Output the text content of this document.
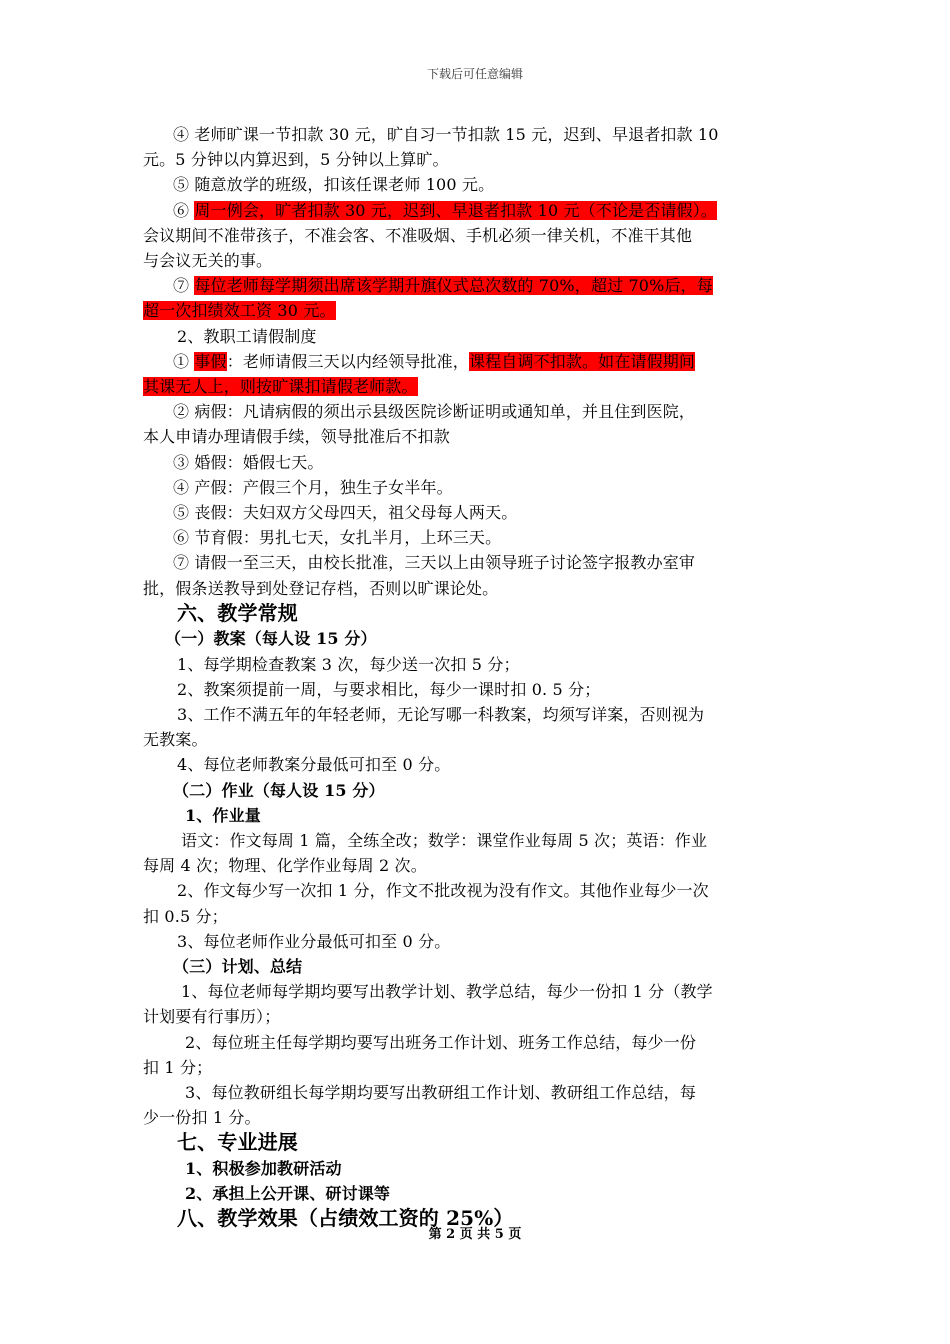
下载后可任意编辑

④ 老师旷课一节扣款 30 元，旷自习一节扣款 15 元，迟到、早退者扣款 10

元。5 分钟以内算迟到，5 分钟以上算旷。

⑤ 随意放学的班级，扣该任课老师 100 元。

⑥ 周一例会，旷者扣款 30 元，迟到、早退者扣款 10 元（不论是否请假）。

会议期间不准带孩子，不准会客、不准吸烟、手机必须一律关机，不准干其他

与会议无关的事。

⑦ 每位老师每学期须出席该学期升旗仪式总次数的 70%，超过 70%后，每

超一次扣绩效工资 30 元。

2、教职工请假制度

① 事假：老师请假三天以内经领导批准，课程自调不扣款。如在请假期间

其课无人上，则按旷课扣请假老师款。

② 病假：凡请病假的须出示县级医院诊断证明或通知单，并且住到医院，

本人申请办理请假手续，领导批准后不扣款

③ 婚假：婚假七天。

④ 产假：产假三个月，独生子女半年。

⑤ 丧假：夫妇双方父母四天，祖父母每人两天。

⑥ 节育假：男扎七天，女扎半月，上环三天。

⑦ 请假一至三天，由校长批准，三天以上由领导班子讨论签字报教办室审

批，假条送教导到处登记存档，否则以旷课论处。

六、教学常规

（一）教案（每人设 15 分）

1、每学期检查教案 3 次，每少送一次扣 5 分；

2、教案须提前一周，与要求相比，每少一课时扣 0. 5 分；

3、工作不满五年的年轻老师，无论写哪一科教案，均须写详案，否则视为

无教案。

4、每位老师教案分最低可扣至 0 分。

（二）作业（每人设 15 分）

1、作业量

语文：作文每周 1 篇，全练全改；数学：课堂作业每周 5 次；英语：作业

每周 4 次；物理、化学作业每周 2 次。

2、作文每少写一次扣 1 分，作文不批改视为没有作文。其他作业每少一次

扣 0.5 分；

3、每位老师作业分最低可扣至 0 分。

（三）计划、总结

1、每位老师每学期均要写出教学计划、教学总结，每少一份扣 1 分（教学

计划要有行事历）；

2、每位班主任每学期均要写出班务工作计划、班务工作总结，每少一份

扣 1 分；

3、每位教研组长每学期均要写出教研组工作计划、教研组工作总结，每

少一份扣 1 分。

七、专业进展

1、积极参加教研活动

2、承担上公开课、研讨课等

八、教学效果（占绩效工资的 25%）

第 2 页 共 5 页
